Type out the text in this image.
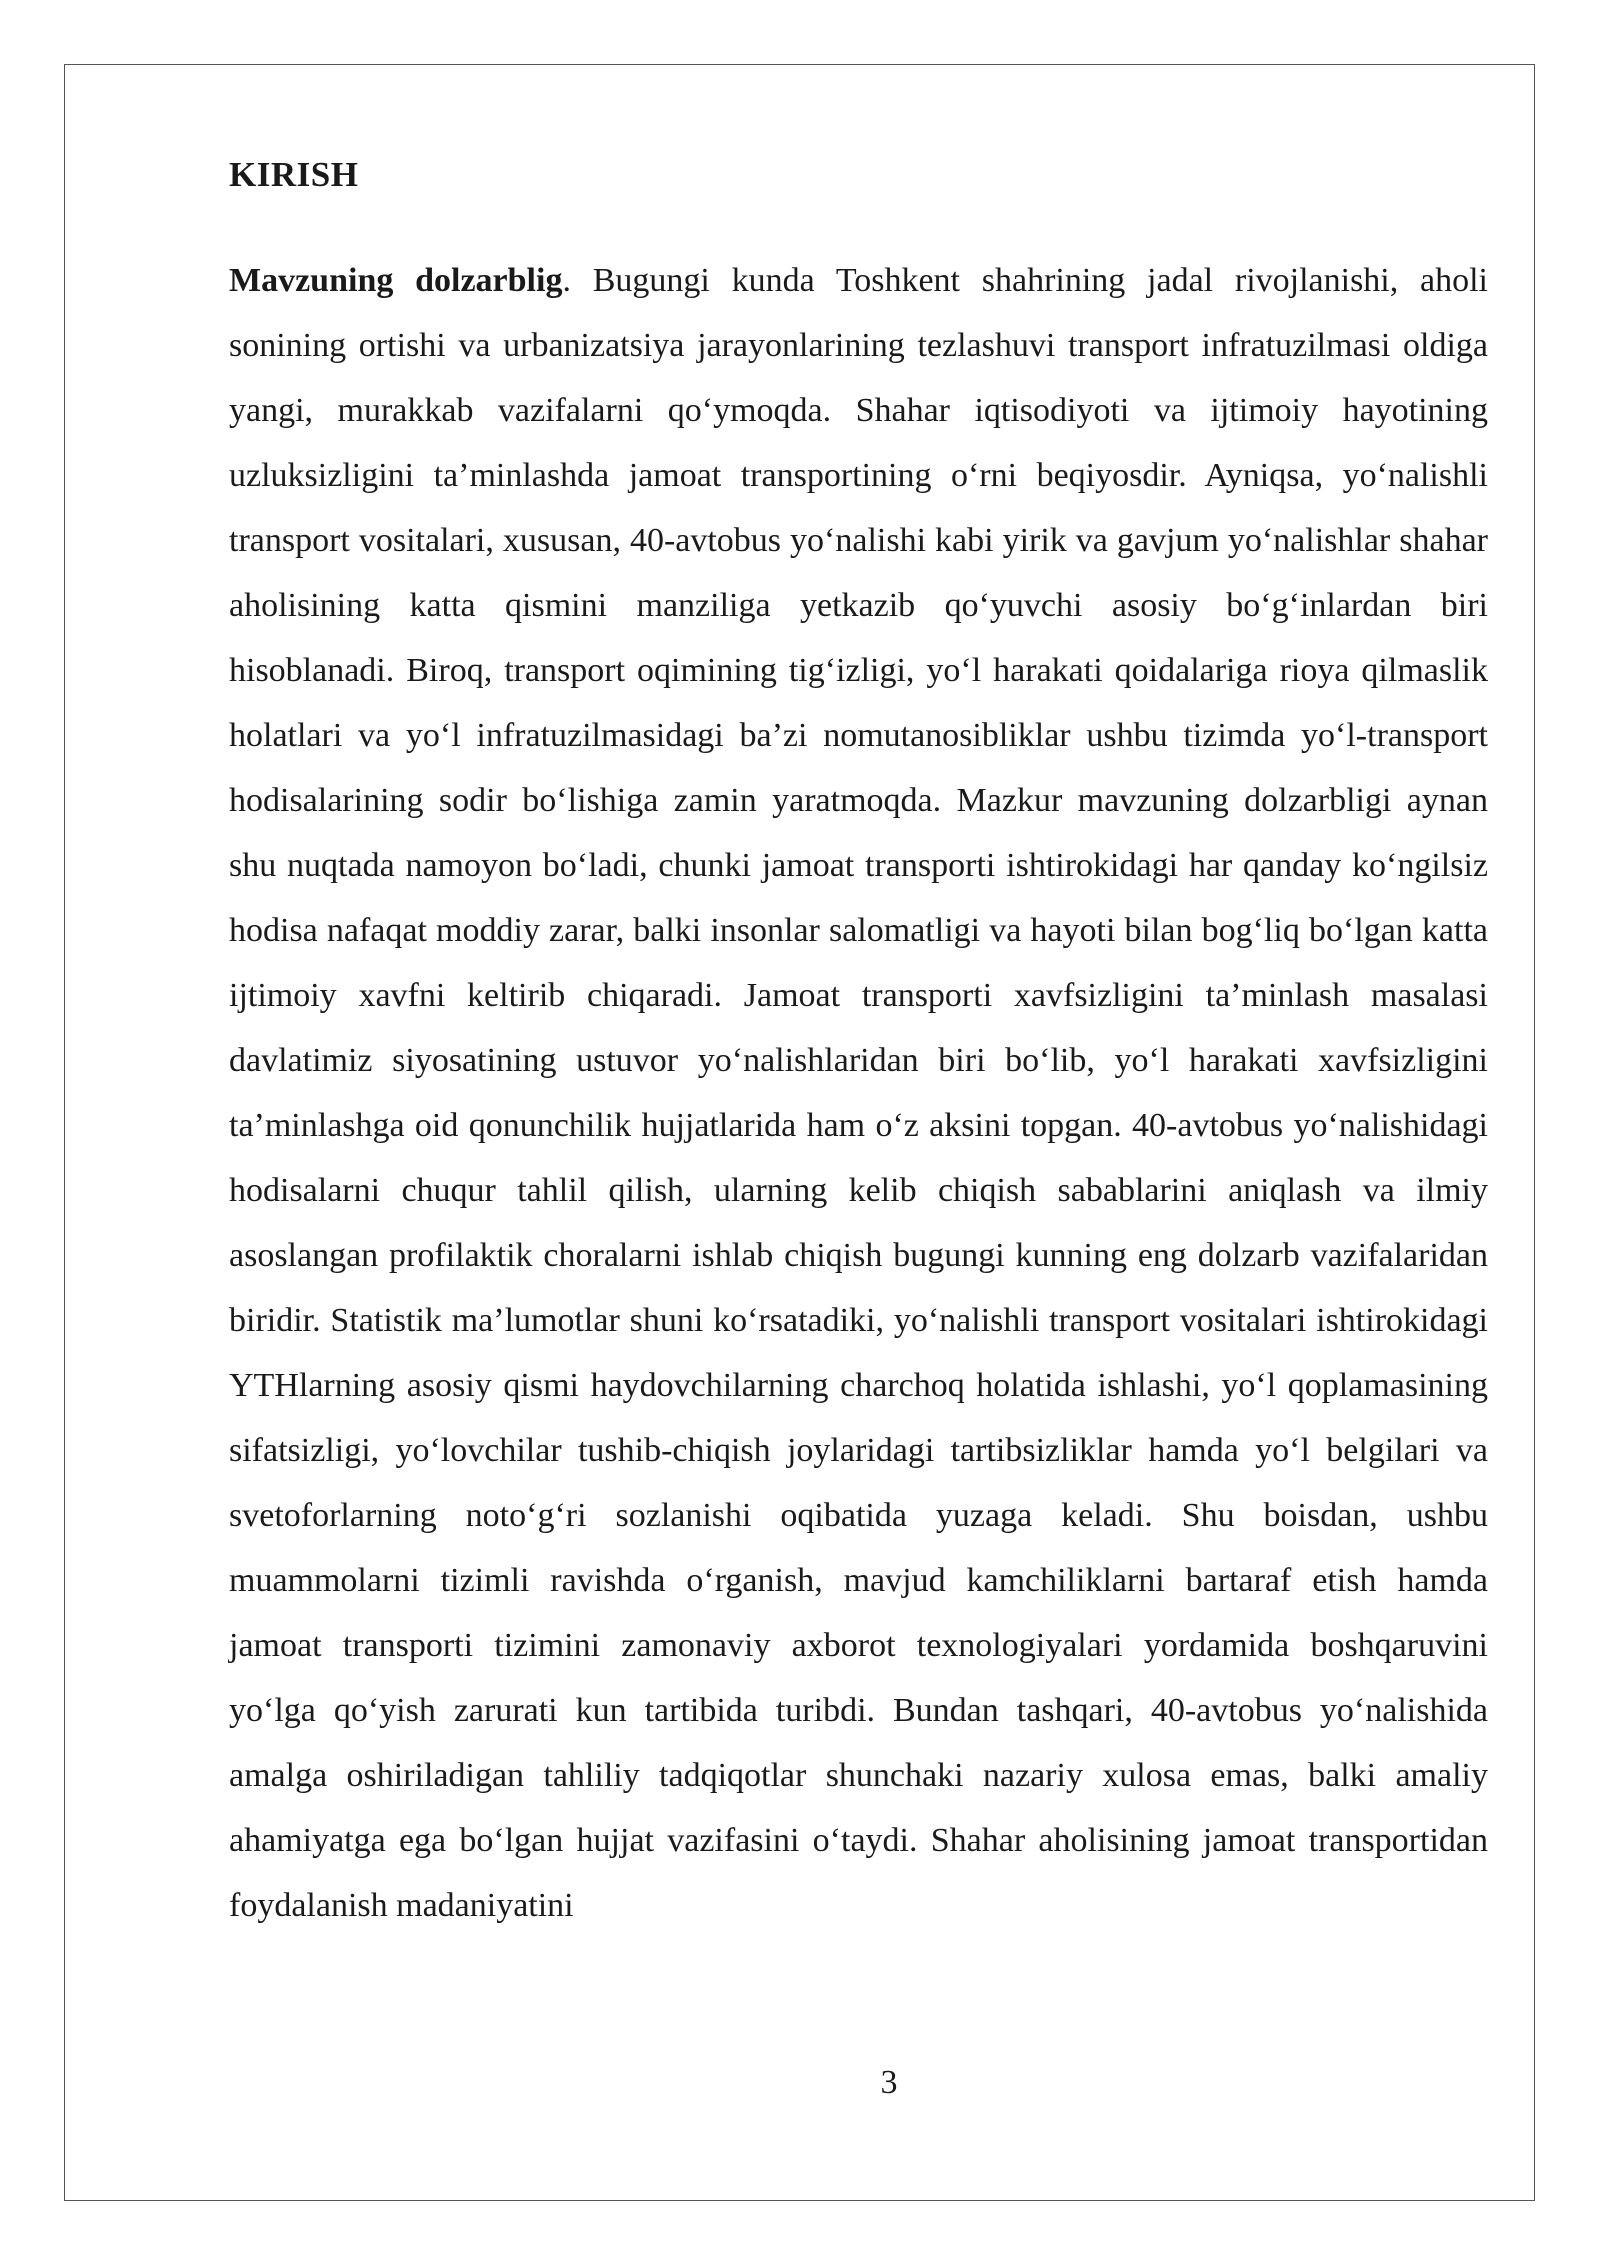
KIRISH

Mavzuning dolzarblig. Bugungi kunda Toshkent shahrining jadal rivojlanishi, aholi sonining ortishi va urbanizatsiya jarayonlarining tezlashuvi transport infratuzilmasi oldiga yangi, murakkab vazifalarni qo‘ymoqda. Shahar iqtisodiyoti va ijtimoiy hayotining uzluksizligini ta’minlashda jamoat transportining o‘rni beqiyosdir. Ayniqsa, yo‘nalishli transport vositalari, xususan, 40-avtobus yo‘nalishi kabi yirik va gavjum yo‘nalishlar shahar aholisining katta qismini manziliga yetkazib qo‘yuvchi asosiy bo‘g‘inlardan biri hisoblanadi. Biroq, transport oqimining tig‘izligi, yo‘l harakati qoidalariga rioya qilmaslik holatlari va yo‘l infratuzilmasidagi ba’zi nomutanosibliklar ushbu tizimda yo‘l-transport hodisalarining sodir bo‘lishiga zamin yaratmoqda. Mazkur mavzuning dolzarbligi aynan shu nuqtada namoyon bo‘ladi, chunki jamoat transporti ishtirokidagi har qanday ko‘ngilsiz hodisa nafaqat moddiy zarar, balki insonlar salomatligi va hayoti bilan bog‘liq bo‘lgan katta ijtimoiy xavfni keltirib chiqaradi. Jamoat transporti xavfsizligini ta’minlash masalasi davlatimiz siyosatining ustuvor yo‘nalishlaridan biri bo‘lib, yo‘l harakati xavfsizligini ta’minlashga oid qonunchilik hujjatlarida ham o‘z aksini topgan. 40-avtobus yo‘nalishidagi hodisalarni chuqur tahlil qilish, ularning kelib chiqish sabablarini aniqlash va ilmiy asoslangan profilaktik choralarni ishlab chiqish bugungi kunning eng dolzarb vazifalaridan biridir. Statistik ma’lumotlar shuni ko‘rsatadiki, yo‘nalishli transport vositalari ishtirokidagi YTHlarning asosiy qismi haydovchilarning charchoq holatida ishlashi, yo‘l qoplamasining sifatsizligi, yo‘lovchilar tushib-chiqish joylaridagi tartibsizliklar hamda yo‘l belgilari va svetoforlarning noto‘g‘ri sozlanishi oqibatida yuzaga keladi. Shu boisdan, ushbu muammolarni tizimli ravishda o‘rganish, mavjud kamchiliklarni bartaraf etish hamda jamoat transporti tizimini zamonaviy axborot texnologiyalari yordamida boshqaruvini yo‘lga qo‘yish zarurati kun tartibida turibdi. Bundan tashqari, 40-avtobus yo‘nalishida amalga oshiriladigan tahliliy tadqiqotlar shunchaki nazariy xulosa emas, balki amaliy ahamiyatga ega bo‘lgan hujjat vazifasini o‘taydi. Shahar aholisining jamoat transportidan foydalanish madaniyatini

3
